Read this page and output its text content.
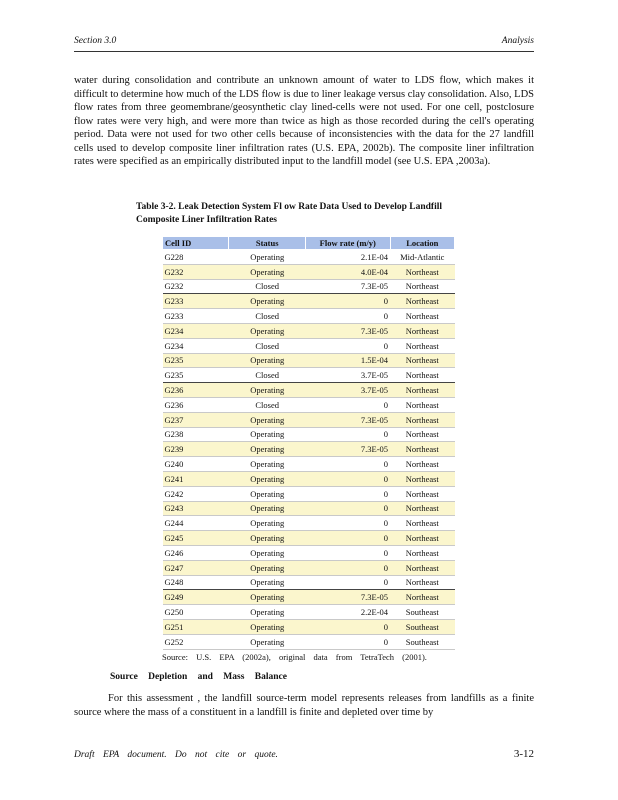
Section 3.0	Analysis

water during consolidation and contribute an unknown amount of water to LDS flow, which makes it difficult to determine how much of the LDS flow is due to liner leakage versus clay consolidation. Also, LDS flow rates from three geomembrane/geosynthetic clay lined-cells were not used. For one cell, postclosure flow rates were very high, and were more than twice as high as those recorded during the cell's operating period. Data were not used for two other cells because of inconsistencies with the data for the 27 landfill cells used to develop composite liner infiltration rates (U.S. EPA, 2002b). The composite liner infiltration rates were specified as an empirically distributed input to the landfill model (see U.S. EPA ,2003a).

Table 3-2. Leak Detection System Fl ow Rate Data Used to Develop Landfill Composite Liner Infiltration Rates

Cell ID	Status	Flow rate (m/y)	Location
G228	Operating	2.1E-04	Mid-Atlantic
G232	Operating	4.0E-04	Northeast
G232	Closed	7.3E-05	Northeast
G233	Operating	0	Northeast
G233	Closed	0	Northeast
G234	Operating	7.3E-05	Northeast
G234	Closed	0	Northeast
G235	Operating	1.5E-04	Northeast
G235	Closed	3.7E-05	Northeast
G236	Operating	3.7E-05	Northeast
G236	Closed	0	Northeast
G237	Operating	7.3E-05	Northeast
G238	Operating	0	Northeast
G239	Operating	7.3E-05	Northeast
G240	Operating	0	Northeast
G241	Operating	0	Northeast
G242	Operating	0	Northeast
G243	Operating	0	Northeast
G244	Operating	0	Northeast
G245	Operating	0	Northeast
G246	Operating	0	Northeast
G247	Operating	0	Northeast
G248	Operating	0	Northeast
G249	Operating	7.3E-05	Northeast
G250	Operating	2.2E-04	Southeast
G251	Operating	0	Southeast
G252	Operating	0	Southeast
Source: U.S. EPA (2002a), original data from TetraTech (2001).
Source Depletion and Mass Balance

For this assessment , the landfill source-term model represents releases from landfills as a finite source where the mass of a constituent in a landfill is finite and depleted over time by

Draft EPA document. Do not cite or quote.	3-12
